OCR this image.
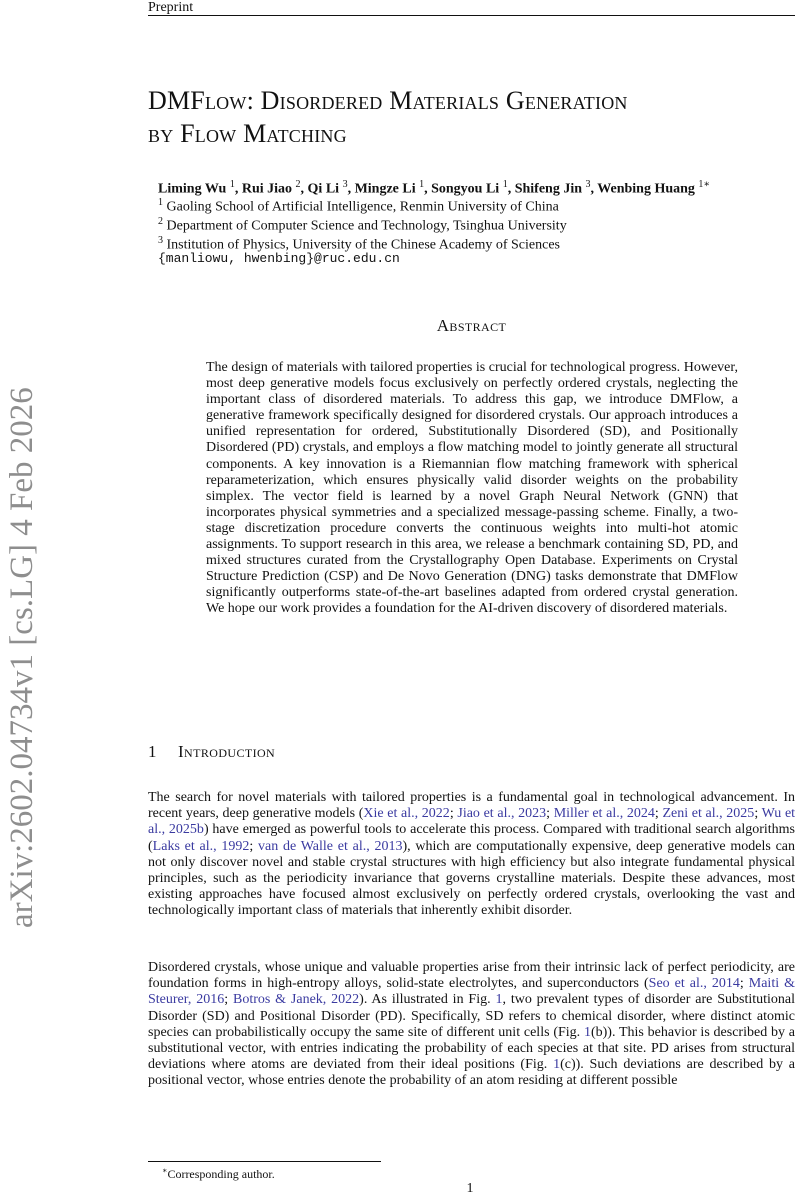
Preprint
arXiv:2602.04734v1 [cs.LG] 4 Feb 2026
DMFlow: Disordered Materials Generation
by Flow Matching
Liming Wu $^1$, Rui Jiao $^2$, Qi Li $^3$, Mingze Li $^1$, Songyou Li $^1$, Shifeng Jin $^3$, Wenbing Huang $^{1∗}$
$^1$ Gaoling School of Artificial Intelligence, Renmin University of China
$^2$ Department of Computer Science and Technology, Tsinghua University
$^3$ Institution of Physics, University of the Chinese Academy of Sciences
{manliowu, hwenbing}@ruc.edu.cn
Abstract

The design of materials with tailored properties is crucial for technological progress. However, most deep generative models focus exclusively on perfectly ordered crystals, neglecting the important class of disordered materials. To address this gap, we introduce DMFlow, a generative framework specifically designed for disordered crystals. Our approach introduces a unified representation for ordered, Substitutionally Disordered (SD), and Positionally Disordered (PD) crystals, and employs a flow matching model to jointly generate all structural components. A key innovation is a Riemannian flow matching framework with spherical reparameterization, which ensures physically valid disorder weights on the probability simplex. The vector field is learned by a novel Graph Neural Network (GNN) that incorporates physical symmetries and a specialized message-passing scheme. Finally, a two-stage discretization procedure converts the continuous weights into multi-hot atomic assignments. To support research in this area, we release a benchmark containing SD, PD, and mixed structures curated from the Crystallography Open Database. Experiments on Crystal Structure Prediction (CSP) and De Novo Generation (DNG) tasks demonstrate that DMFlow significantly outperforms state-of-the-art baselines adapted from ordered crystal generation. We hope our work provides a foundation for the AI-driven discovery of disordered materials.

1 Introduction

The search for novel materials with tailored properties is a fundamental goal in technological advancement. In recent years, deep generative models (Xie et al., 2022; Jiao et al., 2023; Miller et al., 2024; Zeni et al., 2025; Wu et al., 2025b) have emerged as powerful tools to accelerate this process. Compared with traditional search algorithms (Laks et al., 1992; van de Walle et al., 2013), which are computationally expensive, deep generative models can not only discover novel and stable crystal structures with high efficiency but also integrate fundamental physical principles, such as the periodicity invariance that governs crystalline materials. Despite these advances, most existing approaches have focused almost exclusively on perfectly ordered crystals, overlooking the vast and technologically important class of materials that inherently exhibit disorder.

Disordered crystals, whose unique and valuable properties arise from their intrinsic lack of perfect periodicity, are foundation forms in high-entropy alloys, solid-state electrolytes, and superconductors (Seo et al., 2014; Maiti & Steurer, 2016; Botros & Janek, 2022). As illustrated in Fig. 1, two prevalent types of disorder are Substitutional Disorder (SD) and Positional Disorder (PD). Specifically, SD refers to chemical disorder, where distinct atomic species can probabilistically occupy the same site of different unit cells (Fig. 1(b)). This behavior is described by a substitutional vector, with entries indicating the probability of each species at that site. PD arises from structural deviations where atoms are deviated from their ideal positions (Fig. 1(c)). Such deviations are described by a positional vector, whose entries denote the probability of an atom residing at different possible

∗Corresponding author.
1
